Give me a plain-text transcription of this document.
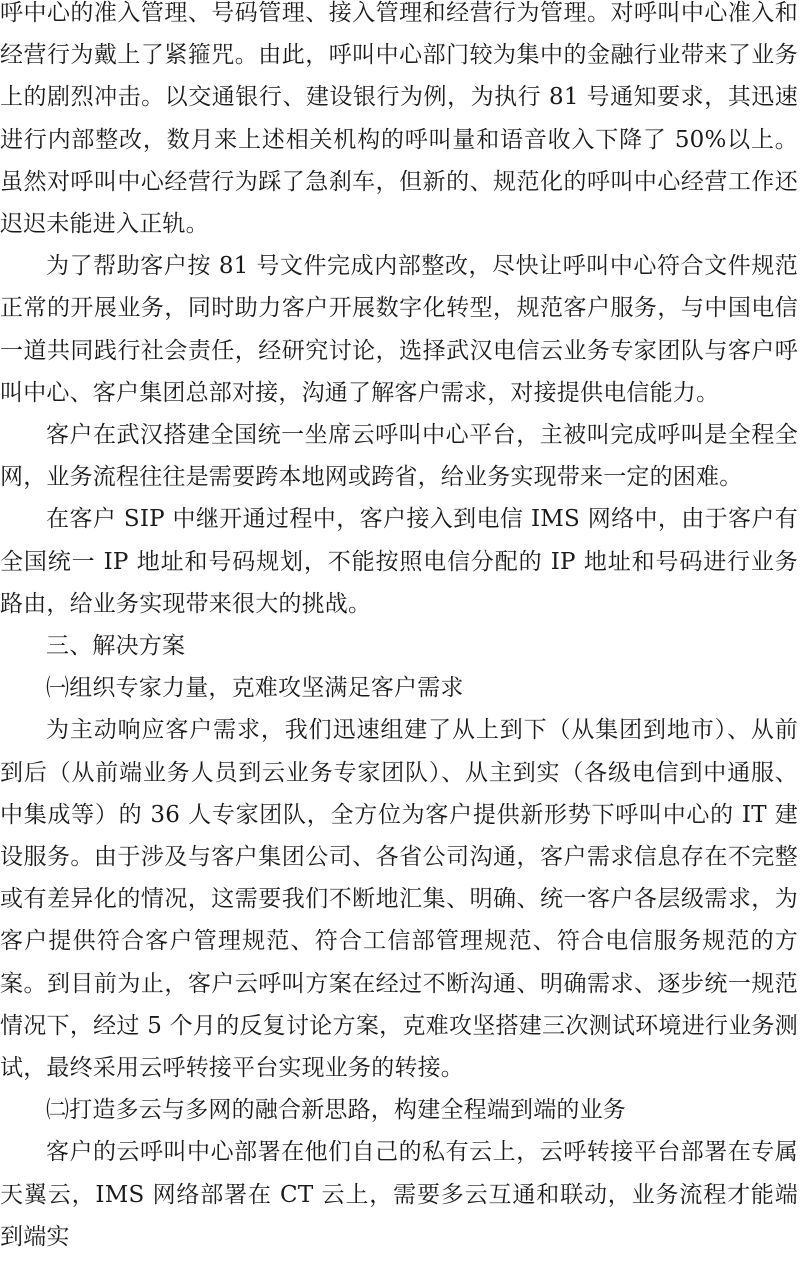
呼中心的准入管理、号码管理、接入管理和经营行为管理。对呼叫中心准入和经营行为戴上了紧箍咒。由此，呼叫中心部门较为集中的金融行业带来了业务上的剧烈冲击。以交通银行、建设银行为例，为执行 81 号通知要求，其迅速进行内部整改，数月来上述相关机构的呼叫量和语音收入下降了 50%以上。虽然对呼叫中心经营行为踩了急刹车，但新的、规范化的呼叫中心经营工作还迟迟未能进入正轨。

为了帮助客户按 81 号文件完成内部整改，尽快让呼叫中心符合文件规范正常的开展业务，同时助力客户开展数字化转型，规范客户服务，与中国电信一道共同践行社会责任，经研究讨论，选择武汉电信云业务专家团队与客户呼叫中心、客户集团总部对接，沟通了解客户需求，对接提供电信能力。

客户在武汉搭建全国统一坐席云呼叫中心平台，主被叫完成呼叫是全程全网，业务流程往往是需要跨本地网或跨省，给业务实现带来一定的困难。

在客户 SIP 中继开通过程中，客户接入到电信 IMS 网络中，由于客户有全国统一 IP 地址和号码规划，不能按照电信分配的 IP 地址和号码进行业务路由，给业务实现带来很大的挑战。

三、解决方案

㈠组织专家力量，克难攻坚满足客户需求

为主动响应客户需求，我们迅速组建了从上到下（从集团到地市）、从前到后（从前端业务人员到云业务专家团队）、从主到实（各级电信到中通服、中集成等）的 36 人专家团队，全方位为客户提供新形势下呼叫中心的 IT 建设服务。由于涉及与客户集团公司、各省公司沟通，客户需求信息存在不完整或有差异化的情况，这需要我们不断地汇集、明确、统一客户各层级需求，为客户提供符合客户管理规范、符合工信部管理规范、符合电信服务规范的方案。到目前为止，客户云呼叫方案在经过不断沟通、明确需求、逐步统一规范情况下，经过 5 个月的反复讨论方案，克难攻坚搭建三次测试环境进行业务测试，最终采用云呼转接平台实现业务的转接。

㈡打造多云与多网的融合新思路，构建全程端到端的业务

客户的云呼叫中心部署在他们自己的私有云上，云呼转接平台部署在专属天翼云，IMS 网络部署在 CT 云上，需要多云互通和联动，业务流程才能端到端实
